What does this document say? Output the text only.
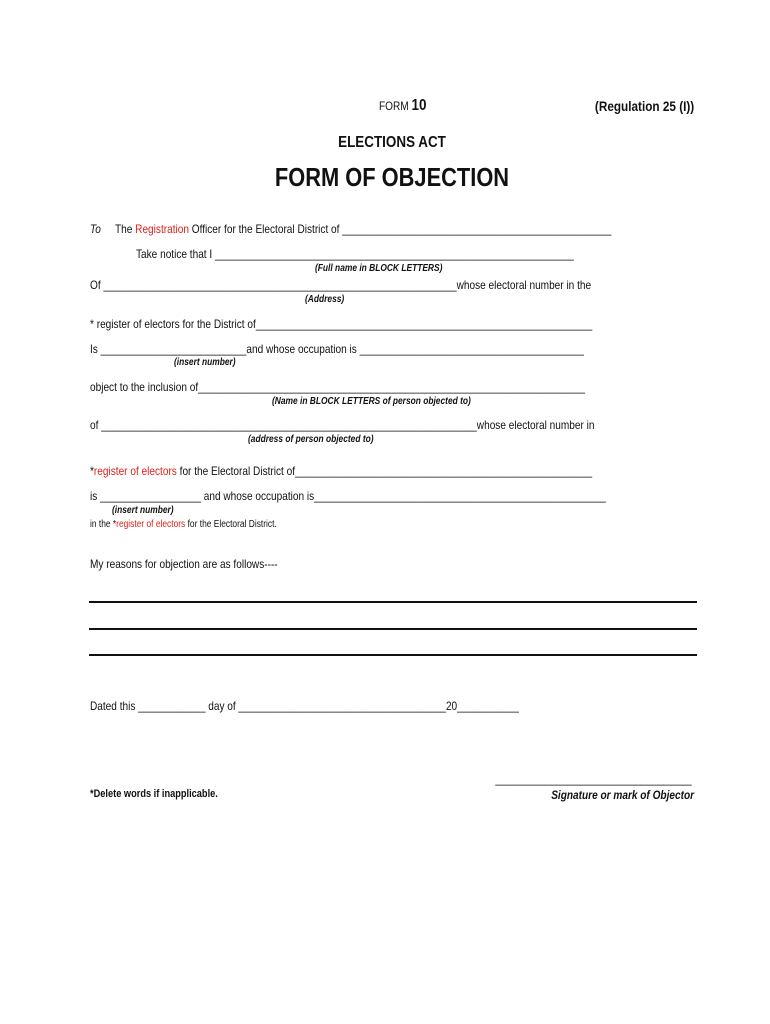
FORM 10	(Regulation 25 (I))
ELECTIONS ACT
FORM OF OBJECTION
To The Registration Officer for the Electoral District of ________________________________________________
Take notice that I ________________________________________________________________
(Full name in BLOCK LETTERS)
Of _______________________________________________________________whose electoral number in the
(Address)
* register of electors for the District of____________________________________________________________
Is __________________________and whose occupation is ________________________________________
(insert number)
object to the inclusion of_____________________________________________________________________
(Name in BLOCK LETTERS of person objected to)
of ___________________________________________________________________whose electoral number in
(address of person objected to)
*register of electors for the Electoral District of_____________________________________________________
is __________________ and whose occupation is____________________________________________________
(insert number)
in the *register of electors for the Electoral District.
My reasons for objection are as follows----
Dated this ____________ day of _____________________________________20___________
___________________________________
*Delete words if inapplicable.	Signature or mark of Objector
